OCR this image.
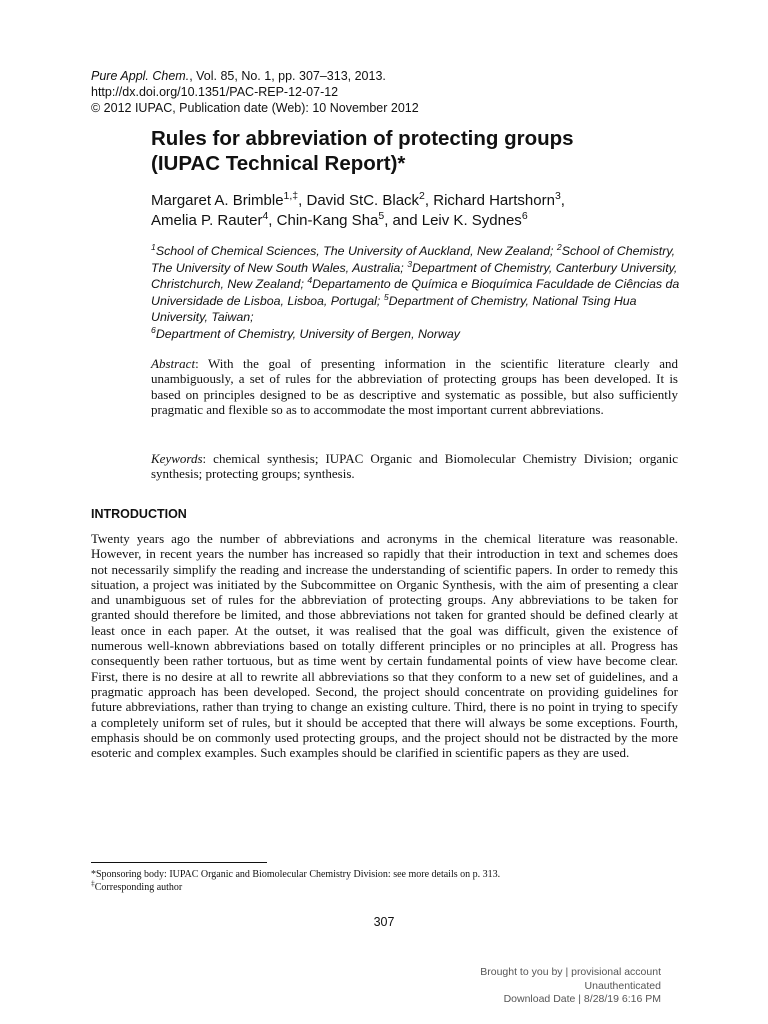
Pure Appl. Chem., Vol. 85, No. 1, pp. 307–313, 2013.
http://dx.doi.org/10.1351/PAC-REP-12-07-12
© 2012 IUPAC, Publication date (Web): 10 November 2012
Rules for abbreviation of protecting groups
(IUPAC Technical Report)*
Margaret A. Brimble$^{1,\ddagger}$, David StC. Black$^2$, Richard Hartshorn$^3$,
Amelia P. Rauter$^4$, Chin-Kang Sha$^5$, and Leiv K. Sydnes$^6$
$^1$School of Chemical Sciences, The University of Auckland, New Zealand; $^2$School of Chemistry, The University of New South Wales, Australia; $^3$Department of Chemistry, Canterbury University, Christchurch, New Zealand; $^4$Departamento de Química e Bioquímica Faculdade de Ciências da Universidade de Lisboa, Lisboa, Portugal; $^5$Department of Chemistry, National Tsing Hua University, Taiwan;
$^6$Department of Chemistry, University of Bergen, Norway
Abstract: With the goal of presenting information in the scientific literature clearly and unambiguously, a set of rules for the abbreviation of protecting groups has been developed. It is based on principles designed to be as descriptive and systematic as possible, but also sufficiently pragmatic and flexible so as to accommodate the most important current abbreviations.
Keywords: chemical synthesis; IUPAC Organic and Biomolecular Chemistry Division; organic synthesis; protecting groups; synthesis.
INTRODUCTION
Twenty years ago the number of abbreviations and acronyms in the chemical literature was reasonable. However, in recent years the number has increased so rapidly that their introduction in text and schemes does not necessarily simplify the reading and increase the understanding of scientific papers. In order to remedy this situation, a project was initiated by the Subcommittee on Organic Synthesis, with the aim of presenting a clear and unambiguous set of rules for the abbreviation of protecting groups. Any abbreviations to be taken for granted should therefore be limited, and those abbreviations not taken for granted should be defined clearly at least once in each paper. At the outset, it was realised that the goal was difficult, given the existence of numerous well-known abbreviations based on totally different principles or no principles at all. Progress has consequently been rather tortuous, but as time went by certain fundamental points of view have become clear. First, there is no desire at all to rewrite all abbreviations so that they conform to a new set of guidelines, and a pragmatic approach has been developed. Second, the project should concentrate on providing guidelines for future abbreviations, rather than trying to change an existing culture. Third, there is no point in trying to specify a completely uniform set of rules, but it should be accepted that there will always be some exceptions. Fourth, emphasis should be on commonly used protecting groups, and the project should not be distracted by the more esoteric and complex examples. Such examples should be clarified in scientific papers as they are used.
*Sponsoring body: IUPAC Organic and Biomolecular Chemistry Division: see more details on p. 313.
‡Corresponding author
307
Brought to you by | provisional account
Unauthenticated
Download Date | 8/28/19 6:16 PM
